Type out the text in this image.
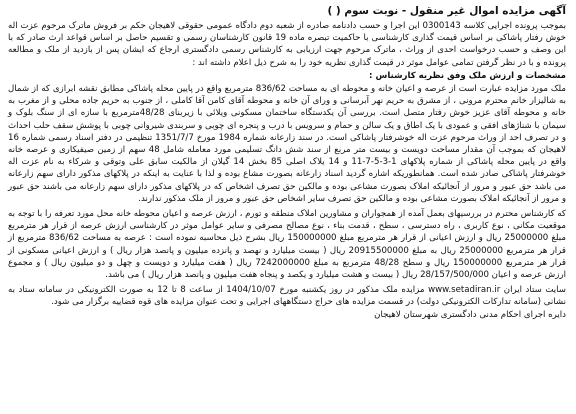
آگهی مزایده اموال غیر منقول - نوبت سوم ( )

بموجب پرونده اجرایی کلاسه 0300143 این اجرا و حسب دادنامه صادره از شعبه دوم دادگاه عمومی حقوقی لاهیجان حکم بر فروش ماترک مرحوم عزت اله خوش رفتار پاشاکی بر اساس قیمت گذاری کارشناسی با حاکمیت تبصره ماده 19 قانون کارشناسان رسمی و تقسیم حاصل بر اساس قواعد ارث صادر که با این وصف و حسب درخواست احدی از وراث ، ماترک مرحوم جهت ارزیابی به کارشناس رسمی دادگستری ارجاع که ایشان پس از بازدید از ملک و مطالعه پرونده و با در نظر گرفتن تمامی عوامل موثر در قیمت گذاری نظریه خود را به شرح ذیل اعلام داشته اند :

مشخصات و ارزش ملک وفق نظریه کارشناس :

ملک مورد مزایده عبارت است از عرصه و اعیان خانه و محوطه ای به مساحت 836/62 مترمربع واقع در پایین محله پاشاکی مطابق نقشه ابرازی که از شمال به شالیزار خانم محترم مرونی ، از مشرق به حریم نهر آبرسانی و ورای آن خانه و محوطه آقای کامن آقا کاملی ، از جنوب به حریم جاده محلی و از مغرب به خانه و محوطه آقای عزیز خوش رفتار متصل است. بررسی آن یکدستگاه ساختمان مسکونی ویلائی با زیربنای 48/28مترمربع با سازه ای از سنگ بلوک و سیمان با شناژهای افقی و عمودی با یک اطاق و یک سالن و حمام و سرویس با درب و پنجره ای چوبی و سربندی شیروانی چوبی با پوشش سقف حلب احداث و در تصرف احد از وراث مرحوم عزت اله خوشرفتار پاشاکی است. در سند زارعانه شماره 1984 مورخ 1351/7/7 تنظیمی در دفتر اسناد رسمی شماره 16 لاهیجان که بموجب آن مقدار مساحت دویست و بیست متر مربع از سند شش دانگ تسلیمی مورد معامله شامل 48 سهم از زمین صیفیکاری و عرصه خانه واقع در پایین محله پاشاکی از شماره پلاکهای 1-3-5-7-11 و 14 یلاک اصلی 85 بخش 14 گیلان از مالکیت سابق علی وتوقی و شرکاء به نام عزت اله خوشرفتار پاشاکی صادر شده است. همانطوریکه اشاره گردید اسناد زارعانه بصورت مشاع بوده و لذا با عنایت به اینکه در پلاکهای مذکور دارای سهم زارعانه می باشد حق عبور و مرور از آنجائیکه املاک بصورت مشاعی بوده و مالکین حق تصرف اشخاص که در پلاکهای مذکور دارای سهم زارعانه می باشند حق عبور و مرور از آنجائیکه املاک بصورت مشاعی بوده و مالکین حق تصرف سایر اشخاص حق عبور و مرور از ملک مذکور ندارند.

که کارشناس محترم در بررسیهای بعمل آمده از همجواران و مشاورین املاک منطقه و تورم ، ارزش عرصه و اعیان محوطه خانه محل مورد تعرفه را با توجه به موقعیت مکانی ، نوع کاربری ، راه دسترسی ، سطح ، قدمت بناء ، نوع مصالح مصرفی و سایر عوامل موثر در کارشناسی ارزش عرصه از قرار هر مترمربع مبلغ 25000000 ریال و ارزش اعیانی از قرار هر مترمربع مبلغ 150000000 ریال بشرح ذیل محاسبه نموده است : عرصه به مساحت 836/62 مترمربع از قرار هر مترمربع 25000000 ریال به مبلغ 20915500000 ریال ( بیست میلیارد و نهصد و پانزده میلیون و پانصد هزار ریال ) و ارزش اعیانی مسکونی از قرار هر مترمربع 150000000 ریال و سطح 48/28 مترمربع به مبلغ 7242000000 ریال ( هفت میلیارد و دویست و چهل و دو میلیون ریال ) و مجموع ارزش عرصه و اعیان 28/157/500/000 ریال ( بیست و هشت میلیارد و یکصد و پنجاه هفت میلیون و پانصد هزار ریال ) می باشد.

سایت ستاد ایران www.setadiran.ir مزایده ملک مذکور در روز یکشنبه مورخ 1404/10/07 از ساعت 8 تا 12 به صورت الکترونیکی در سامانه ستاد به نشانی (سامانه تدارکات الکترونیکی دولت) در قسمت مزایده های حراج دستگاههای اجرایی و تحت عنوان مزایده های قوه قضاییه برگزار می شود.

دایره اجرای احکام مدنی دادگستری شهرستان لاهیجان
